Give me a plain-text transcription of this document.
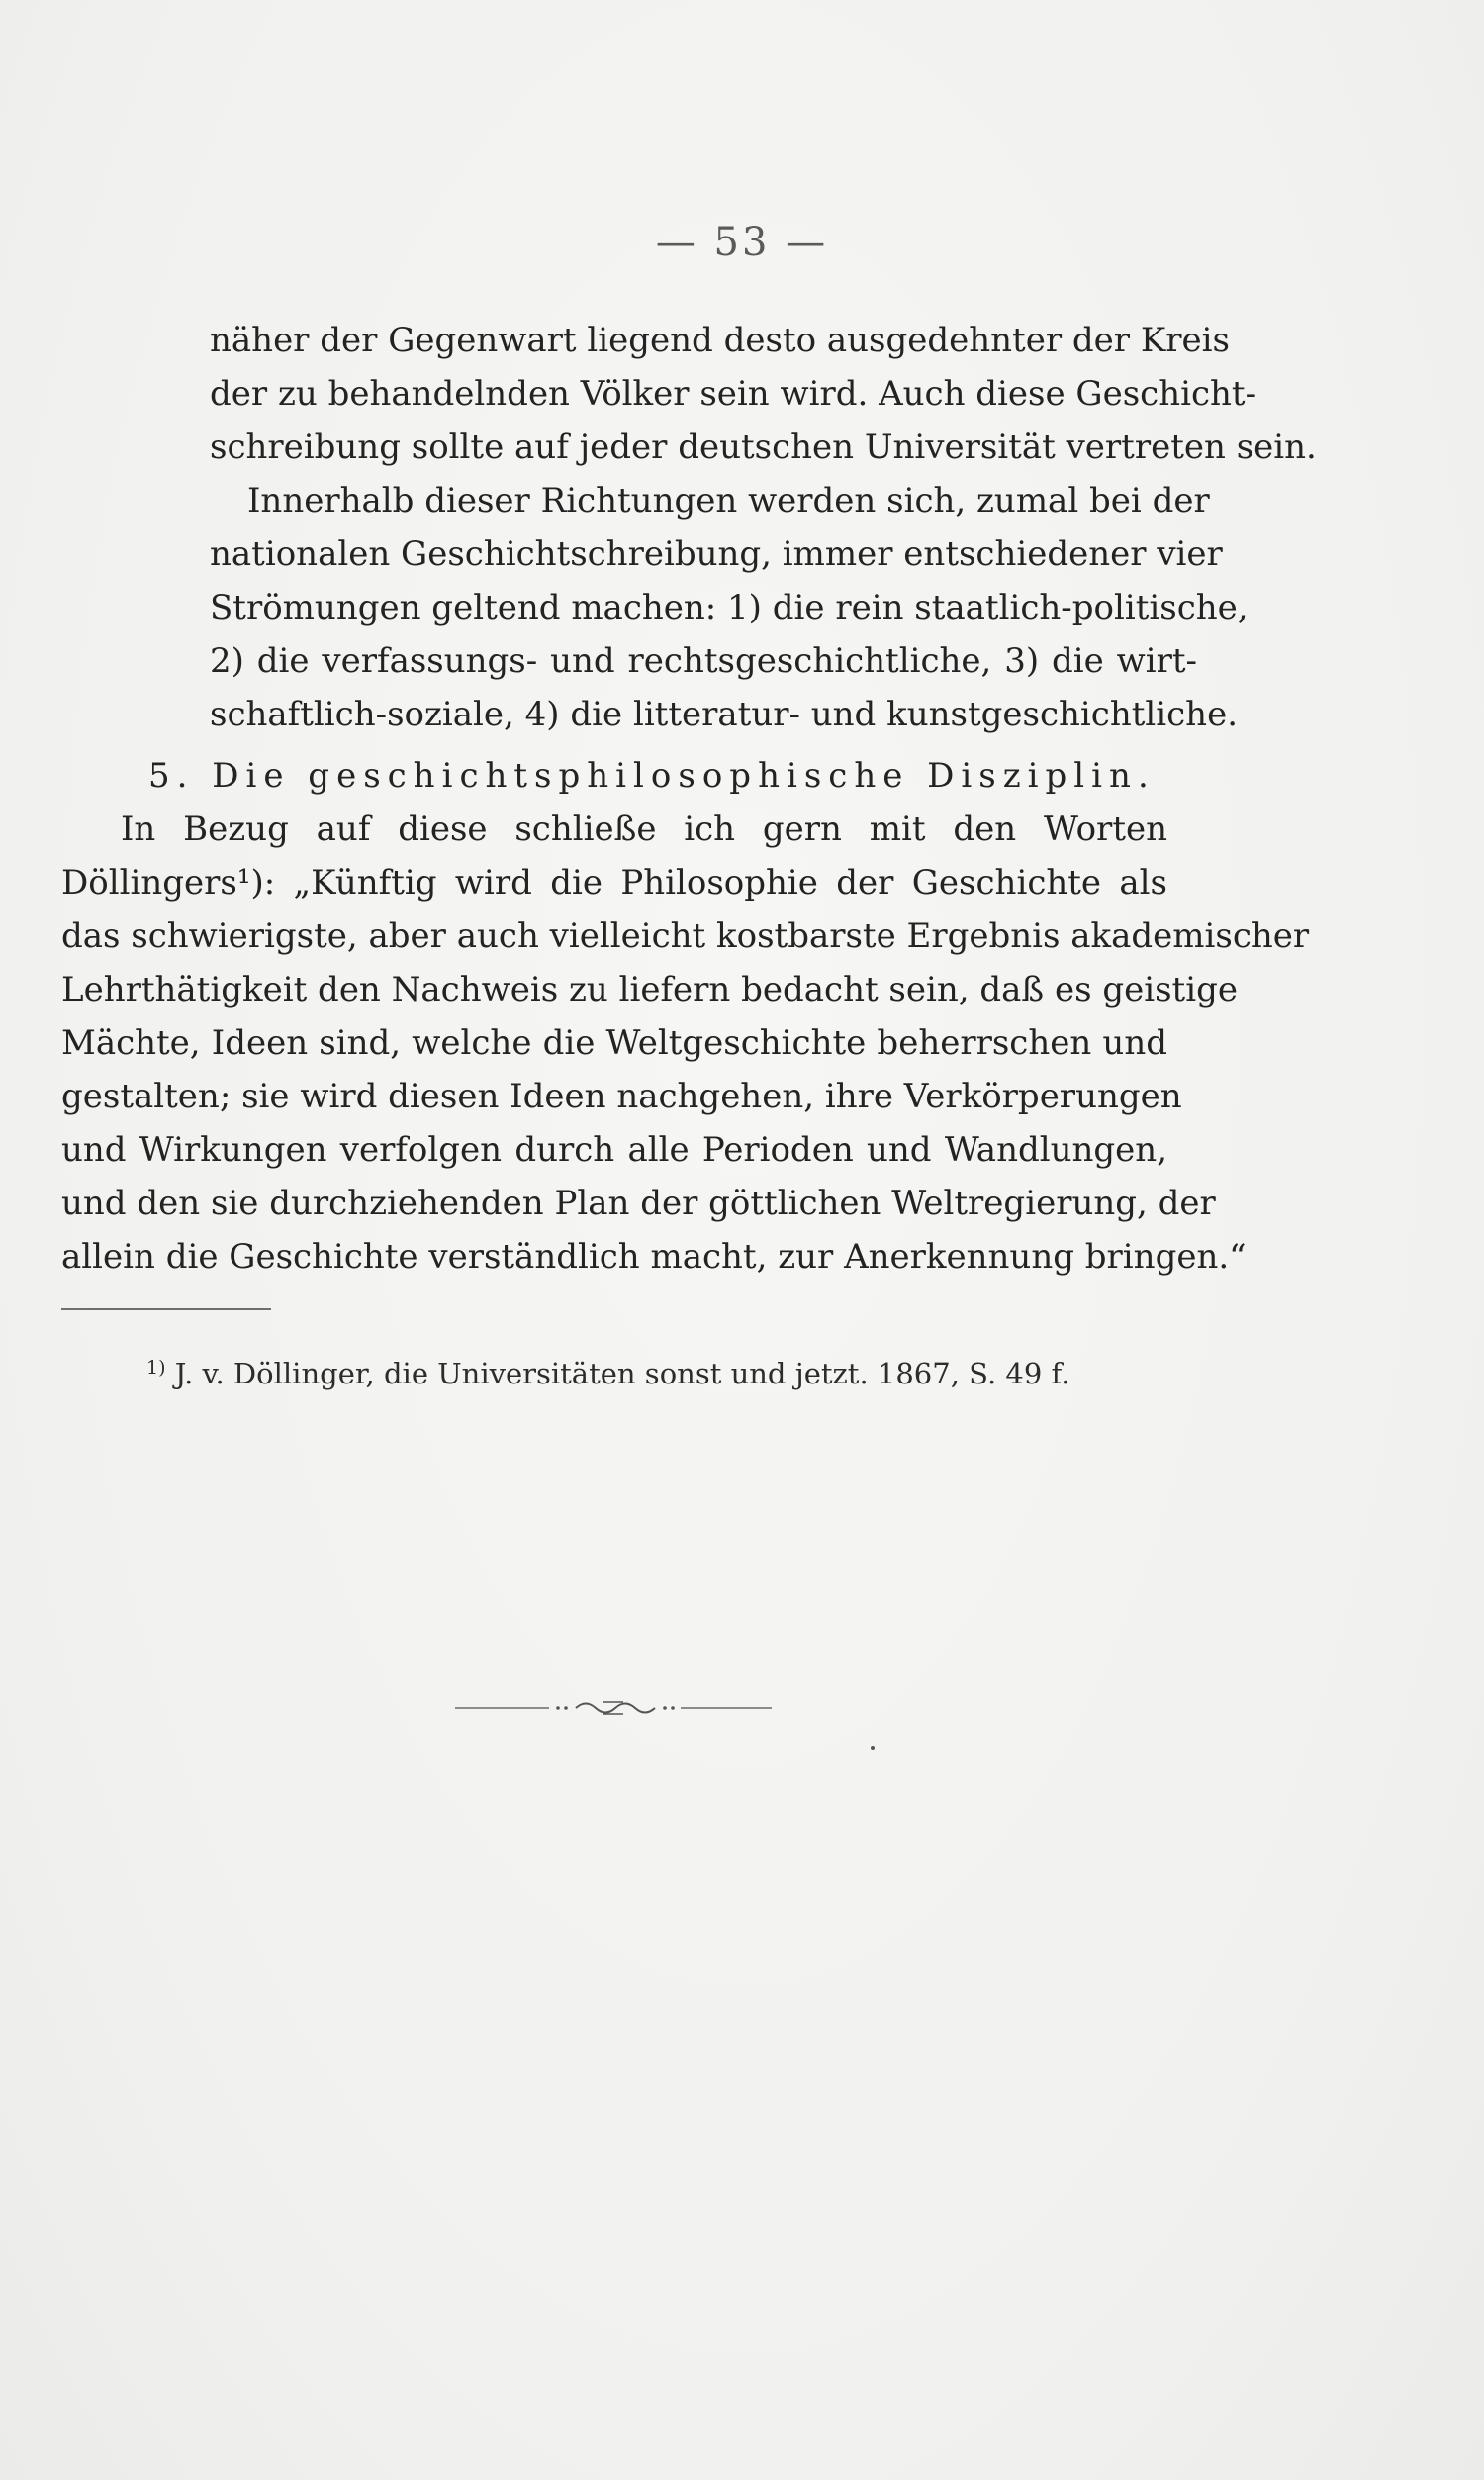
— 53 —
näher der Gegenwart liegend desto ausgedehnter der Kreis
der zu behandelnden Völker sein wird. Auch diese Geschicht-
schreibung sollte auf jeder deutschen Universität vertreten sein.
Innerhalb dieser Richtungen werden sich, zumal bei der
nationalen Geschichtschreibung, immer entschiedener vier
Strömungen geltend machen: 1) die rein staatlich-politische,
2) die verfassungs- und rechtsgeschichtliche, 3) die wirt-
schaftlich-soziale, 4) die litteratur- und kunstgeschichtliche.
5. Die geschichtsphilosophische Disziplin.
In Bezug auf diese schließe ich gern mit den Worten
Döllingers¹): „Künftig wird die Philosophie der Geschichte als
das schwierigste, aber auch vielleicht kostbarste Ergebnis akademischer
Lehrthätigkeit den Nachweis zu liefern bedacht sein, daß es geistige
Mächte, Ideen sind, welche die Weltgeschichte beherrschen und
gestalten; sie wird diesen Ideen nachgehen, ihre Verkörperungen
und Wirkungen verfolgen durch alle Perioden und Wandlungen,
und den sie durchziehenden Plan der göttlichen Weltregierung, der
allein die Geschichte verständlich macht, zur Anerkennung bringen.“
$^{1)}$ J. v. Döllinger, die Universitäten sonst und jetzt. 1867, S. 49 f.
